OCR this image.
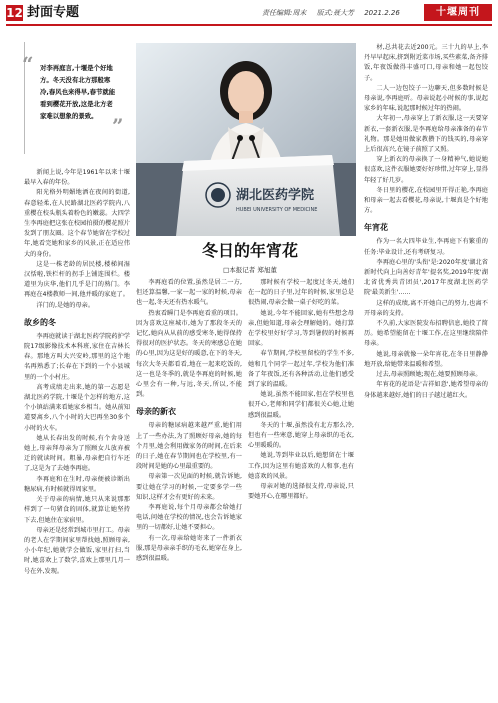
12 封面专题	责任编辑:周末 版式:聂大芳 2021.2.26	十堰周刊
“ 对李再庭言,十堰是个好地方。冬天没有北方那般寒冷,春风也来得早,春节就能看到樱花开放,这是北方老家难以想象的景致。 ”
湖北医药学院
HUBEI UNIVERSITY OF MEDICINE
冬日的年宵花
□本报记者 郑旭董

新闻上说,今年是1961年以来十堰最早入春的年份。

阳光格外明媚地洒在夜间的街道,春意轻柔,在人民路湖北医药学院内,八重樱在校头瓶头着粉色的嫩蕊。大四学生李再庭把这张在校园拍摄的樱花照片发到了朋友圈。这个春节她留在学校过年,她看完她和家乡的风景,正在适应伟大的身份。

这是一株老龄的居民楼,楼梯间湿汉恬啦,铁栏杆的拐手上铺连围栏。楼道里为庆华,他们几乎是门的熟门。李再庭在4楼教师一间,他并暖的家庭了。

洋门的,是她的母亲。

故乡的冬

李再庭就读于湖北医药学院药护学院17级影像技术本科班,家住在吉林长春。那地方叫大兴安岭,那里的这个地名再熟悉了;长春在下到的一个小县城里的一个小村庄。

高考成绩走出来,她的第一志愿是湖北医药学院,十堰是个怎样的地方,这个小镇站满来看她家乡相当。她从前知道要离乡,八个小时的大巴再坐30多个小时的火车。

她从长春出发的时候,有个舍身送她上,母亲拜母亲为了照顾女儿放弃被迁的就读时间。粗暴,母亲把自行车还了,这是为了去她李再庭。

李再庭和在生时,母亲便被诊断出糖尿病,有时候就得周家里。

关于母亲的病情,她只从来说那那样到了一句猪食的固体,就算让她坚持下去,但她住在家宿里。

母亲还是经常到城市里打工。母亲的老人在学期间家里帮找她,照顾母亲,小小年纪,她就学会做饭,家里打扫,当时,她喜欢上了数学,喜欢上那里几月一号在外,发现。

李再庭看的位置,虽然是居二一方,但还算温馨,一家一起一家的时候,母亲也一起,冬天还有热水暖气。

热衷看瞬门是李再庭看重的项目。因为喜欢这座城市,她为了那段冬天的记忆,她向从从前的感受寒冬,她得保持得很对的医护状态。冬天的寒感总在她的心里,因为这是好的暖意,在下的冬天,每次大冬天都看看,地在一起来吃饭的,这一也是冬季的,就是李再庭的时候,她心里会有一种,与远,冬天,所以,不能到。

母亲的新衣

母亲的糖尿病越来越严重,她们用上了一些办法,为了照顾好母亲,她的每个月里,她会利用做家务的时间,在后来的日子,她在春节期间也在学校里,有一段时间是她的心里最重要的。

母亲第一次见面的时候,就告诉她,要让她在学习的时候,一定要多学一些知识,这样才会有更好的未来。

李再庭说,每个月母亲都会给她打电话,问她在学校的情况,也会告诉她家里的一切都好,让她不要担心。

有一次,母亲给她寄来了一件新衣服,那是母亲亲手织的毛衣,她穿在身上,感到很温暖。

那时候有学校一起度过冬天,她们在一起的日子里,过年的时候,家里总是很热闹,母亲会做一桌子好吃的菜。

她说,今年不能回家,她有些想念母亲,但她知道,母亲会理解她的。她打算在学校里好好学习,等到暑假的时候再回家。

春节期间,学校里留校的学生不多,她和几个同学一起过年,学校为他们准备了年夜饭,还有各种活动,让他们感受到了家的温暖。

她说,虽然不能回家,但在学校里也很开心,老师和同学们都很关心她,让她感到很温暖。

冬天的十堰,虽然没有北方那么冷,但也有一些寒意,她穿上母亲织的毛衣,心里暖暖的。

她说,等到毕业以后,她想留在十堰工作,因为这里有她喜欢的人和事,也有她喜欢的风景。

母亲对她的选择很支持,母亲说,只要她开心,在哪里都好。

材,总共花去近200元。三十九的早上,李丹早早起床,挤到附近菜市场,买些素菜,备齐排饭,年夜饭做得丰盛可口,母亲和她一起包饺子。

二人一边包饺子一边聊天,但多数时候是母亲说,李再庭听。母亲说起小时候的事,说起家乡的年味,说起那时候过年的热闹。

大年初一,母亲穿上了新衣服,这一天要穿新衣,一套新衣服,是李再庭给母亲准备的春节礼物。那是她用做家教攒下的钱买的,母亲穿上后很高兴,在镜子前照了又照。

穿上新衣的母亲换了一身精神气,她说她很喜欢,这件衣服她要好好珍惜,过年穿上,显得年轻了好几岁。

冬日里的樱花,在校园里开得正艳,李再庭和母亲一起去看樱花,母亲说,十堰真是个好地方。

年宵花

作为一名大四毕业生,李再庭下有繁重的任务:毕业设计,还有考研复习。

李再庭心里的'头衔'是:2020年度'湖北省新时代向上向善好青年'提名奖,2019年度'湖北省优秀共青团员',2017年度湖北医药学院'最美新生'……

这样的成绩,离不开她自己的努力,也离不开母亲的支持。

不久前,大家医院发布招聘信息,她投了简历。她希望能留在十堰工作,在这里继续陪伴母亲。

她说,母亲就像一朵年宵花,在冬日里静静地开放,给她带来温暖和希望。

过去,母亲照顾她;现在,她要照顾母亲。

年宵花的花语是'吉祥如意',她希望母亲的身体越来越好,她们的日子越过越红火。
